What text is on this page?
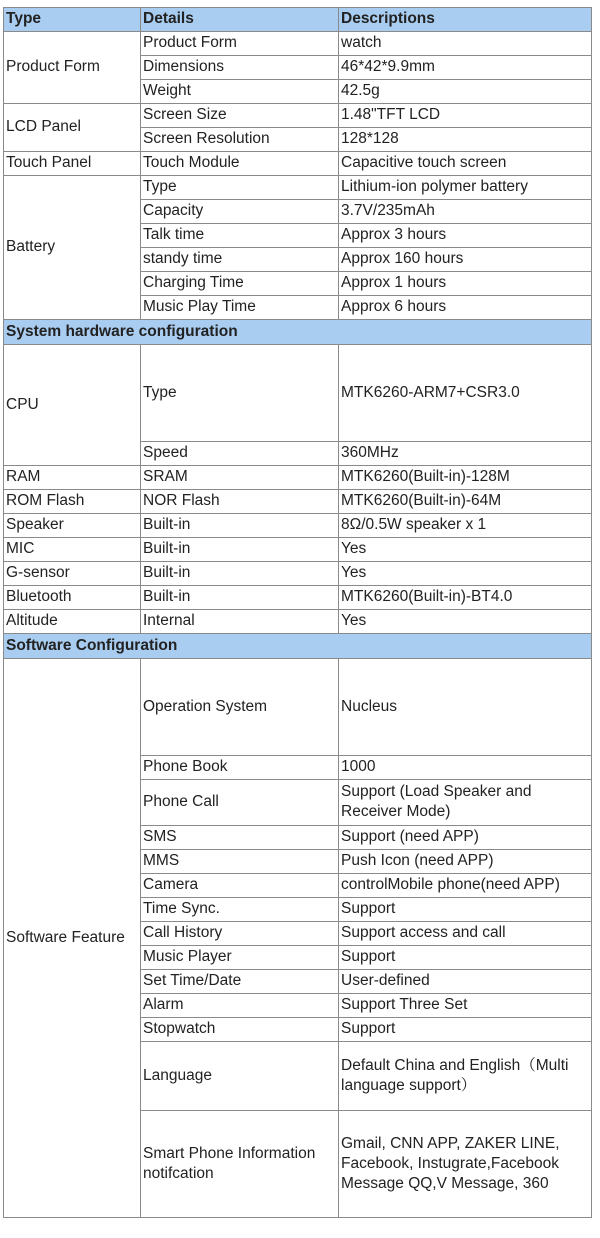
Type	Details	Descriptions
Product Form	Product Form	watch
	Dimensions	46*42*9.9mm
	Weight	42.5g
LCD Panel	Screen Size	1.48"TFT LCD
	Screen Resolution	128*128
Touch Panel	Touch Module	Capacitive touch screen
Battery	Type	Lithium-ion polymer battery
	Capacity	3.7V/235mAh
	Talk time	Approx 3 hours
	standy time	Approx 160 hours
	Charging Time	Approx 1 hours
	Music Play Time	Approx 6 hours
System hardware configuration		
CPU	Type	MTK6260-ARM7+CSR3.0
	Speed	360MHz
RAM	SRAM	MTK6260(Built-in)-128M
ROM Flash	NOR Flash	MTK6260(Built-in)-64M
Speaker	Built-in	8Ω/0.5W speaker x 1
MIC	Built-in	Yes
G-sensor	Built-in	Yes
Bluetooth	Built-in	MTK6260(Built-in)-BT4.0
Altitude	Internal	Yes
Software Configuration		
Software Feature	Operation System	Nucleus
	Phone Book	1000
	Phone Call	Support (Load Speaker and Receiver Mode)
	SMS	Support (need APP)
	MMS	Push Icon (need APP)
	Camera	controlMobile phone(need APP)
	Time Sync.	Support
	Call History	Support access and call
	Music Player	Support
	Set Time/Date	User-defined
	Alarm	Support Three Set
	Stopwatch	Support
	Language	Default China and English（Multi language support）
	Smart Phone Information notifcation	Gmail, CNN APP, ZAKER LINE, Facebook, Instugrate,Facebook Message QQ,V Message, 360
